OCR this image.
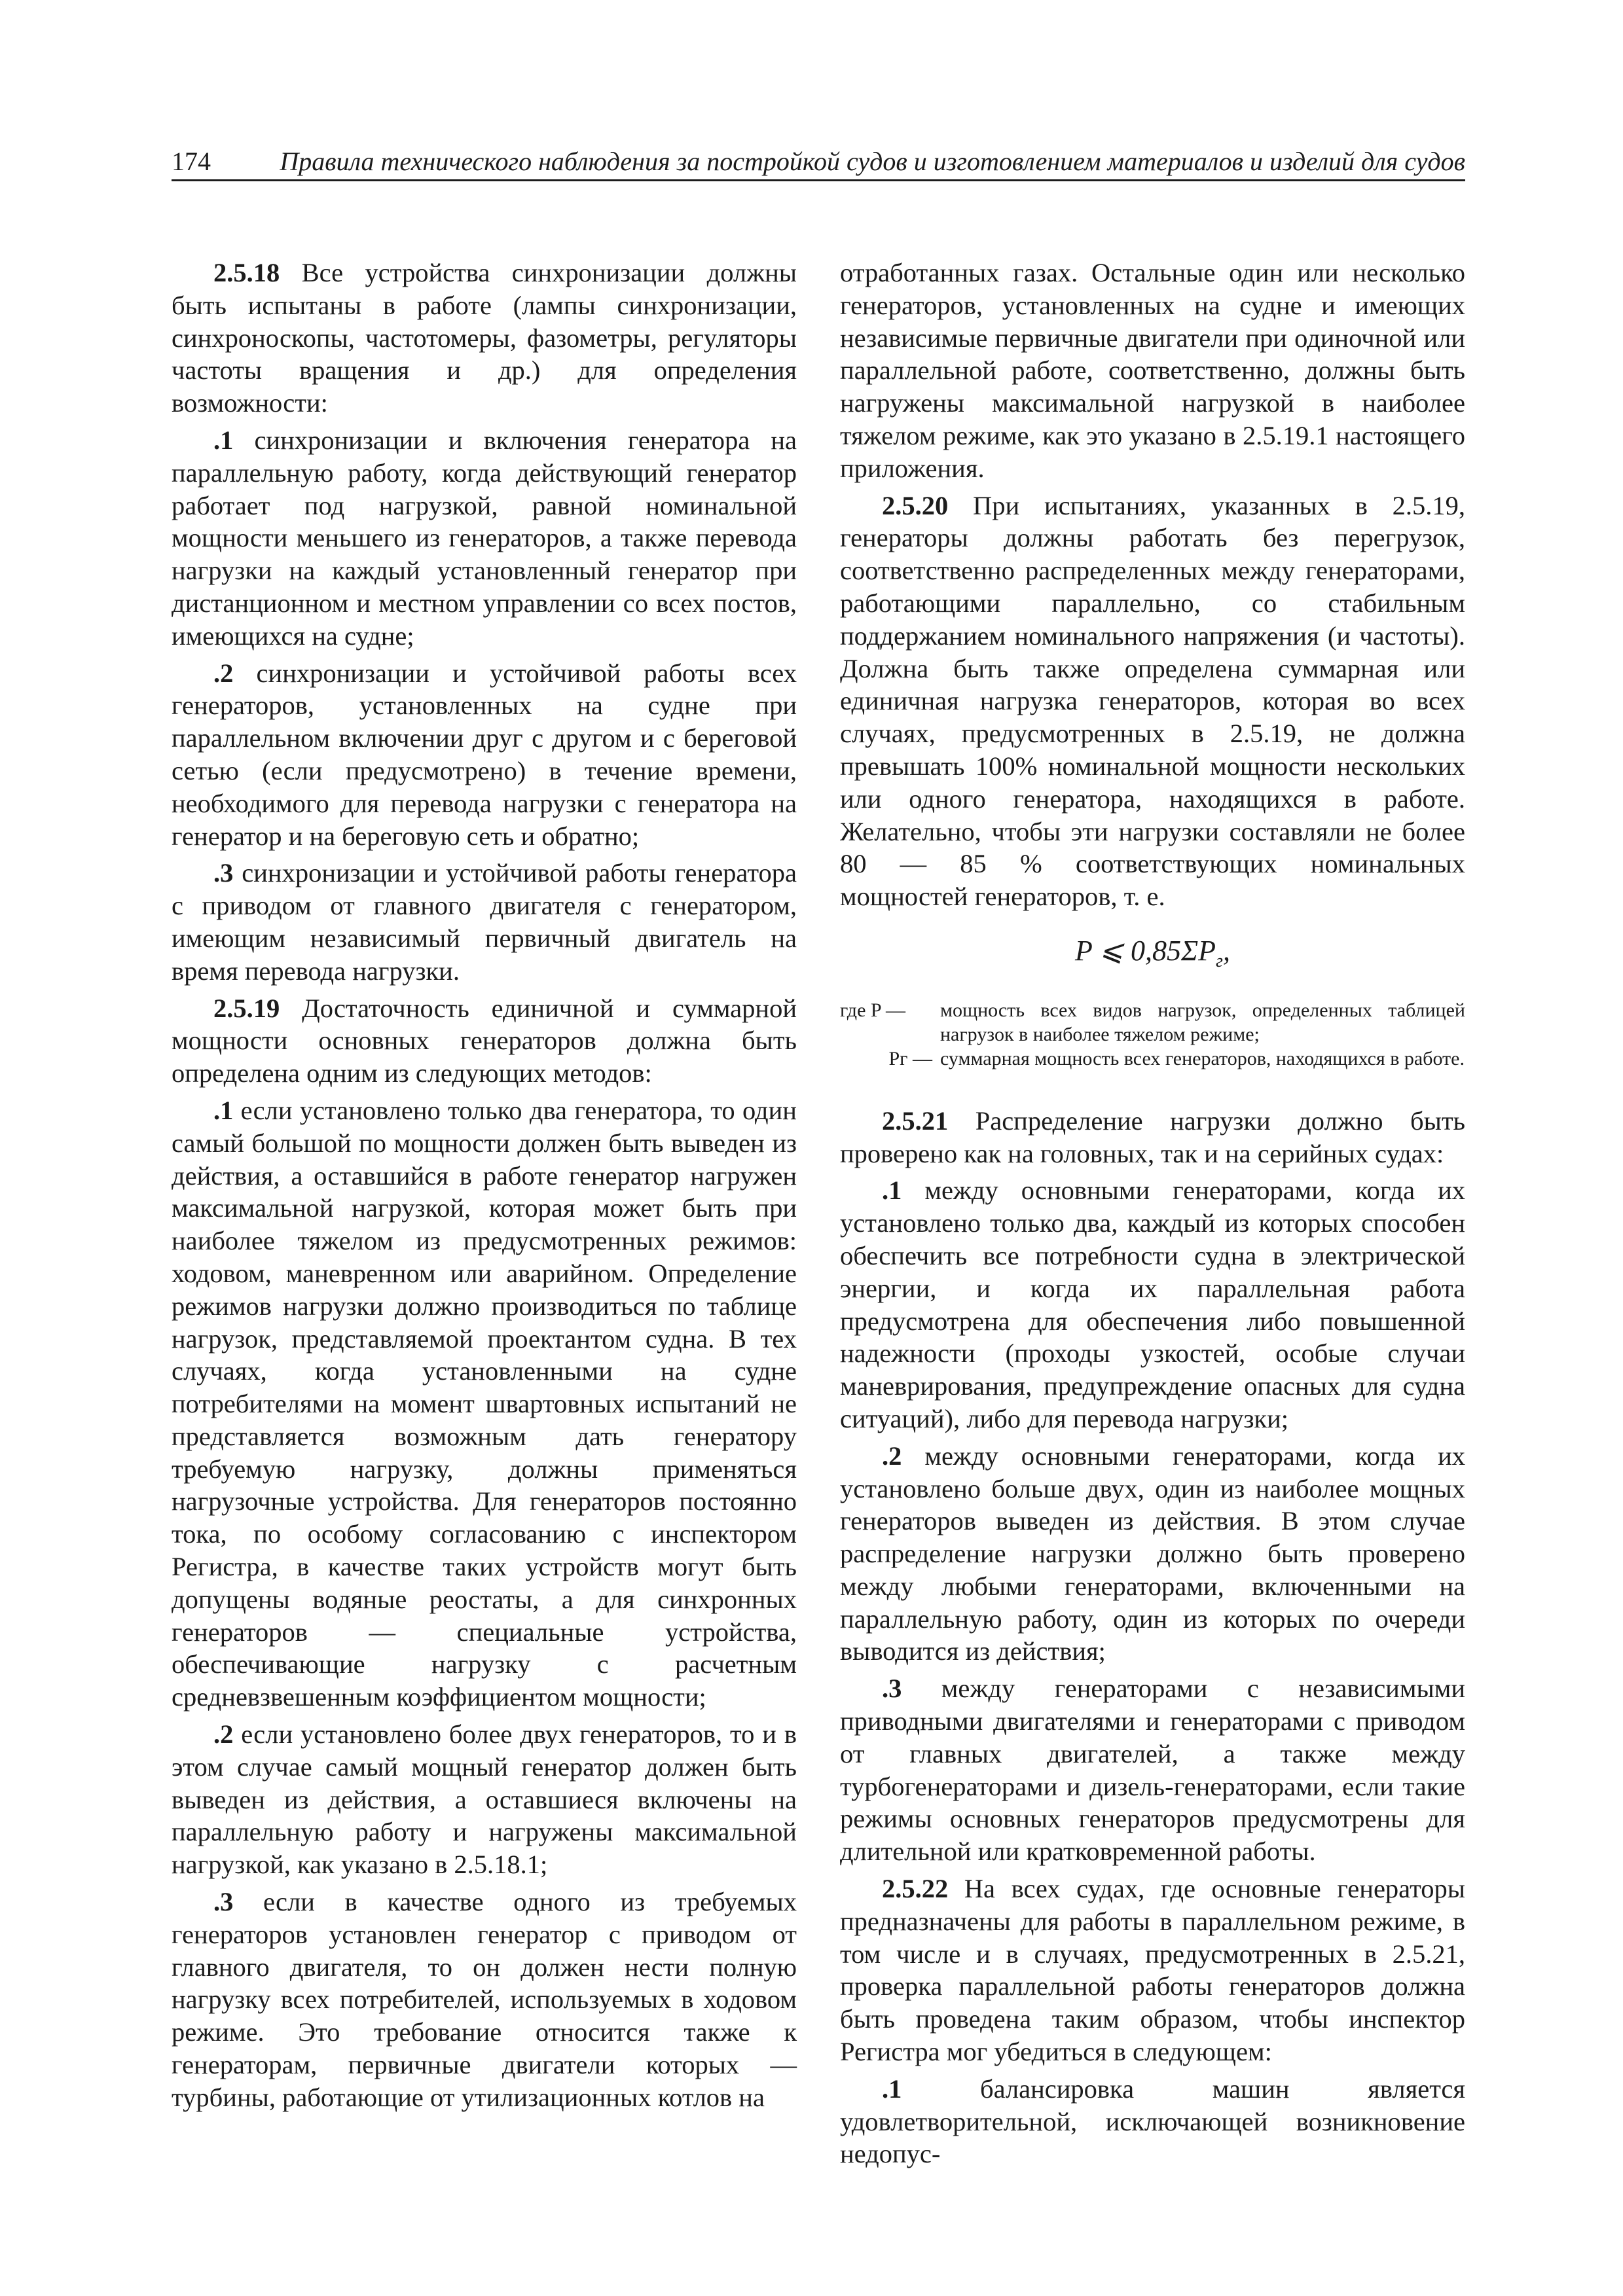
174	Правила технического наблюдения за постройкой судов и изготовлением материалов и изделий для судов

2.5.18 Все устройства синхронизации должны быть испытаны в работе (лампы синхронизации, синхроноскопы, частотомеры, фазометры, регуляторы частоты вращения и др.) для определения возможности:

.1 синхронизации и включения генератора на параллельную работу, когда действующий генератор работает под нагрузкой, равной номинальной мощности меньшего из генераторов, а также перевода нагрузки на каждый установленный генератор при дистанционном и местном управлении со всех постов, имеющихся на судне;

.2 синхронизации и устойчивой работы всех генераторов, установленных на судне при параллельном включении друг с другом и с береговой сетью (если предусмотрено) в течение времени, необходимого для перевода нагрузки с генератора на генератор и на береговую сеть и обратно;

.3 синхронизации и устойчивой работы генератора с приводом от главного двигателя с генератором, имеющим независимый первичный двигатель на время перевода нагрузки.

2.5.19 Достаточность единичной и суммарной мощности основных генераторов должна быть определена одним из следующих методов:

.1 если установлено только два генератора, то один самый большой по мощности должен быть выведен из действия, а оставшийся в работе генератор нагружен максимальной нагрузкой, которая может быть при наиболее тяжелом из предусмотренных режимов: ходовом, маневренном или аварийном. Определение режимов нагрузки должно производиться по таблице нагрузок, представляемой проектантом судна. В тех случаях, когда установленными на судне потребителями на момент швартовных испытаний не представляется возможным дать генератору требуемую нагрузку, должны применяться нагрузочные устройства. Для генераторов постоянно тока, по особому согласованию с инспектором Регистра, в качестве таких устройств могут быть допущены водяные реостаты, а для синхронных генераторов — специальные устройства, обеспечивающие нагрузку с расчетным средневзвешенным коэффициентом мощности;

.2 если установлено более двух генераторов, то и в этом случае самый мощный генератор должен быть выведен из действия, а оставшиеся включены на параллельную работу и нагружены максимальной нагрузкой, как указано в 2.5.18.1;

.3 если в качестве одного из требуемых генераторов установлен генератор с приводом от главного двигателя, то он должен нести полную нагрузку всех потребителей, используемых в ходовом режиме. Это требование относится также к генераторам, первичные двигатели которых — турбины, работающие от утилизационных котлов на

отработанных газах. Остальные один или несколько генераторов, установленных на судне и имеющих независимые первичные двигатели при одиночной или параллельной работе, соответственно, должны быть нагружены максимальной нагрузкой в наиболее тяжелом режиме, как это указано в 2.5.19.1 настоящего приложения.

2.5.20 При испытаниях, указанных в 2.5.19, генераторы должны работать без перегрузок, соответственно распределенных между генераторами, работающими параллельно, со стабильным поддержанием номинального напряжения (и частоты). Должна быть также определена суммарная или единичная нагрузка генераторов, которая во всех случаях, предусмотренных в 2.5.19, не должна превышать 100% номинальной мощности нескольких или одного генератора, находящихся в работе. Желательно, чтобы эти нагрузки составляли не более 80 — 85 % соответствующих номинальных мощностей генераторов, т. е.

P ⩽ $0,85\Sigma P_г$,
где P —	мощность всех видов нагрузок, определенных таблицей нагрузок в наиболее тяжелом режиме;
Pг — суммарная мощность всех генераторов, находящихся в работе.

2.5.21 Распределение нагрузки должно быть проверено как на головных, так и на серийных судах:

.1 между основными генераторами, когда их установлено только два, каждый из которых способен обеспечить все потребности судна в электрической энергии, и когда их параллельная работа предусмотрена для обеспечения либо повышенной надежности (проходы узкостей, особые случаи маневрирования, предупреждение опасных для судна ситуаций), либо для перевода нагрузки;

.2 между основными генераторами, когда их установлено больше двух, один из наиболее мощных генераторов выведен из действия. В этом случае распределение нагрузки должно быть проверено между любыми генераторами, включенными на параллельную работу, один из которых по очереди выводится из действия;

.3 между генераторами с независимыми приводными двигателями и генераторами с приводом от главных двигателей, а также между турбогенераторами и дизель-генераторами, если такие режимы основных генераторов предусмотрены для длительной или кратковременной работы.

2.5.22 На всех судах, где основные генераторы предназначены для работы в параллельном режиме, в том числе и в случаях, предусмотренных в 2.5.21, проверка параллельной работы генераторов должна быть проведена таким образом, чтобы инспектор Регистра мог убедиться в следующем:

.1 балансировка машин является удовлетворительной, исключающей возникновение недопус-
